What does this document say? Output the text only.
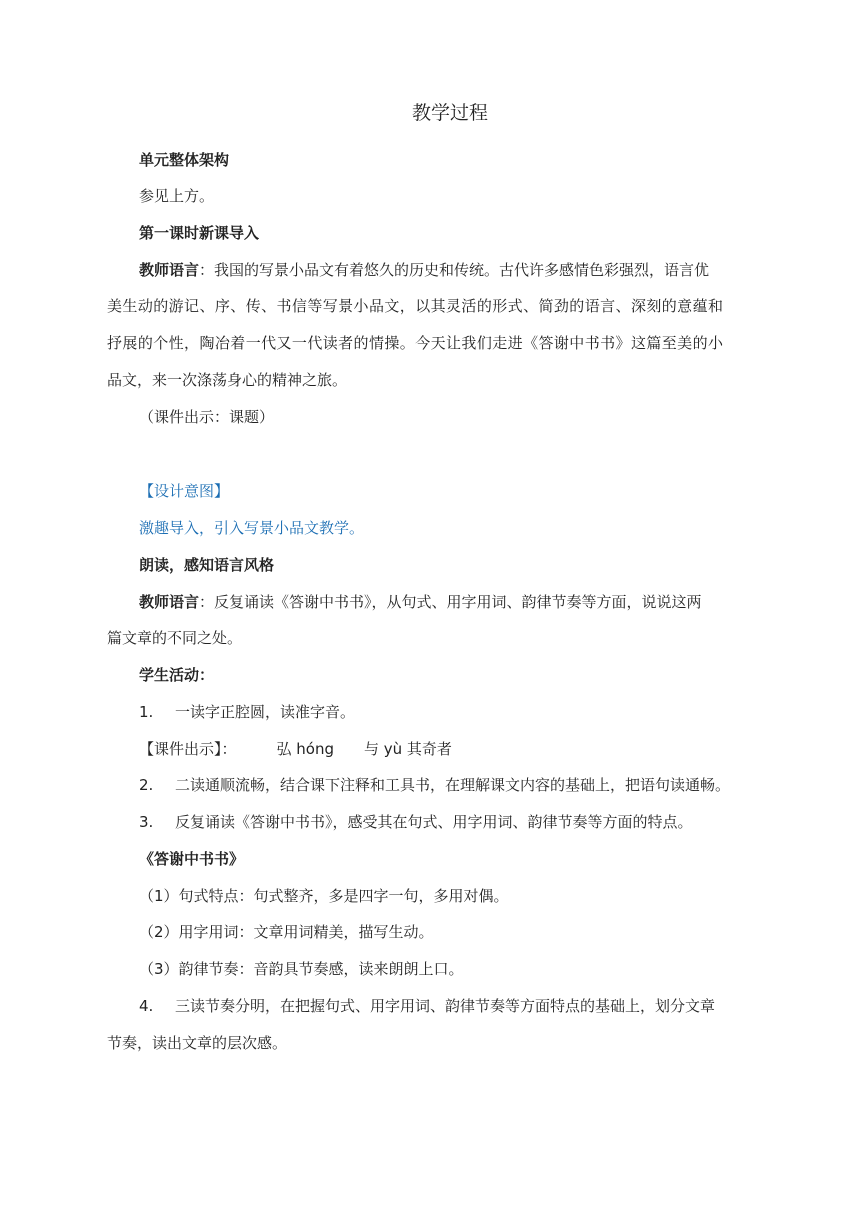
教学过程
单元整体架构
参见上方。
第一课时新课导入
教师语言：我国的写景小品文有着悠久的历史和传统。古代许多感情色彩强烈，语言优
美生动的游记、序、传、书信等写景小品文，以其灵活的形式、简劲的语言、深刻的意蕴和
抒展的个性，陶冶着一代又一代读者的情操。今天让我们走进《答谢中书书》这篇至美的小
品文，来一次涤荡身心的精神之旅。
（课件出示：课题）
【设计意图】
激趣导入，引入写景小品文教学。
朗读，感知语言风格
教师语言：反复诵读《答谢中书书》，从句式、用字用词、韵律节奏等方面，说说这两
篇文章的不同之处。
学生活动：
1. 一读字正腔圆，读准字音。
【课件出示】：	弘 hóng 与 yù 其奇者
2. 二读通顺流畅，结合课下注释和工具书，在理解课文内容的基础上，把语句读通畅。
3. 反复诵读《答谢中书书》，感受其在句式、用字用词、韵律节奏等方面的特点。
《答谢中书书》
（1）句式特点：句式整齐，多是四字一句，多用对偶。
（2）用字用词：文章用词精美，描写生动。
（3）韵律节奏：音韵具节奏感，读来朗朗上口。
4. 三读节奏分明，在把握句式、用字用词、韵律节奏等方面特点的基础上，划分文章
节奏，读出文章的层次感。
